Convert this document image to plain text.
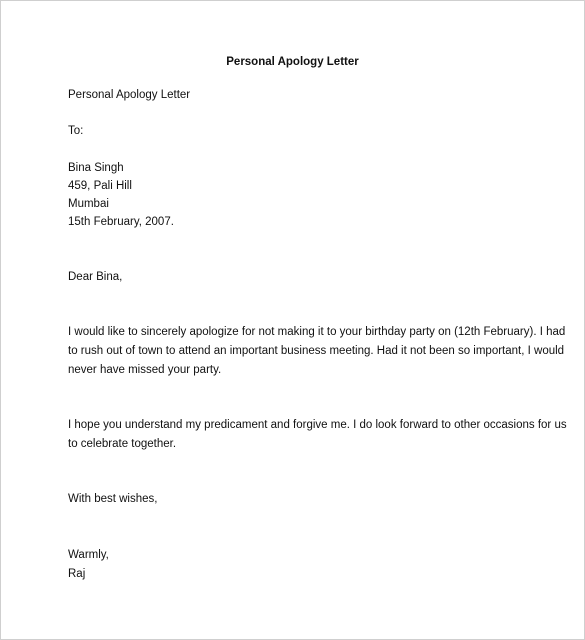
Personal Apology Letter
Personal Apology Letter
To:
Bina Singh
459, Pali Hill
Mumbai
15th February, 2007.
Dear Bina,
I would like to sincerely apologize for not making it to your birthday party on (12th February). I had
to rush out of town to attend an important business meeting. Had it not been so important, I would
never have missed your party.
I hope you understand my predicament and forgive me. I do look forward to other occasions for us
to celebrate together.
With best wishes,
Warmly,
Raj
